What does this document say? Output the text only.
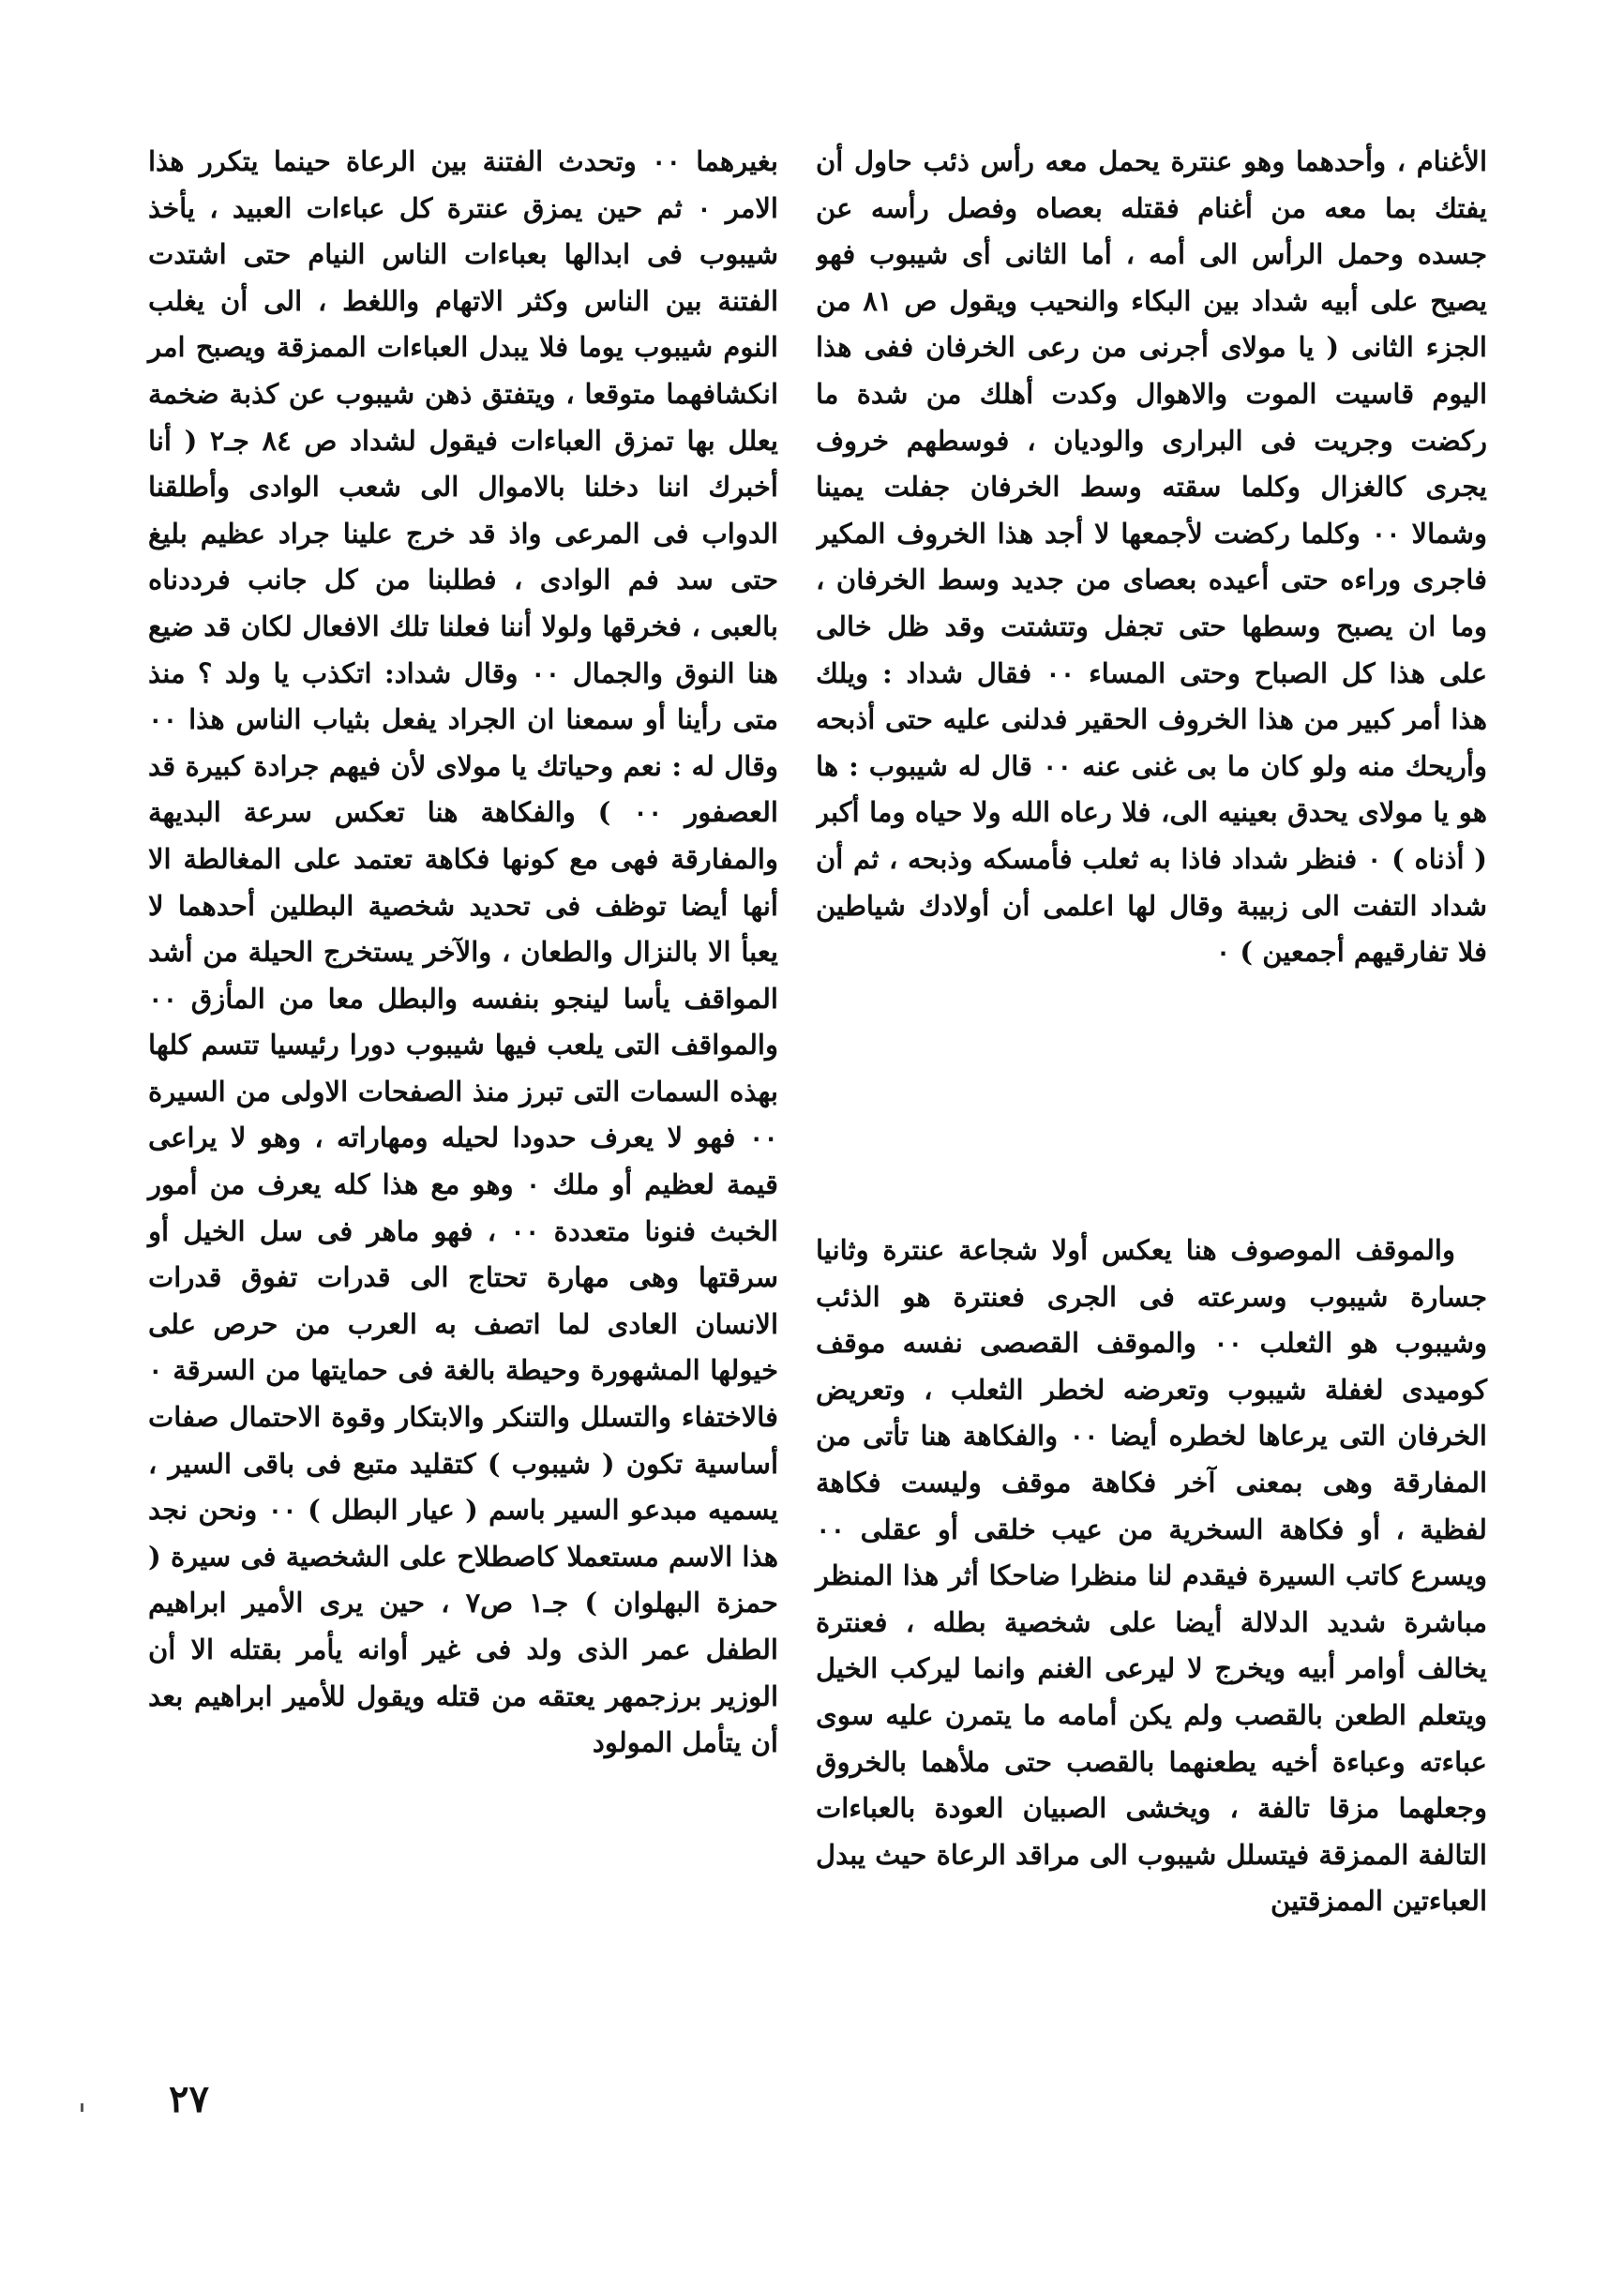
الأغنام ، وأحدهما وهو عنترة يحمل معه رأس ذئب حاول أن يفتك بما معه من أغنام فقتله بعصاه وفصل رأسه عن جسده وحمل الرأس الى أمه ، أما الثانى أى شيبوب فهو يصيح على أبيه شداد بين البكاء والنحيب ويقول ص ٨١ من الجزء الثانى ( يا مولاى أجرنى من رعى الخرفان ففى هذا اليوم قاسيت الموت والاهوال وكدت أهلك من شدة ما ركضت وجريت فى البرارى والوديان ، فوسطهم خروف يجرى كالغزال وكلما سقته وسط الخرفان جفلت يمينا وشمالا ٠٠ وكلما ركضت لأجمعها لا أجد هذا الخروف المكير فاجرى وراءه حتى أعيده بعصاى من جديد وسط الخرفان ، وما ان يصبح وسطها حتى تجفل وتتشتت وقد ظل خالى على هذا كل الصباح وحتى المساء ٠٠ فقال شداد : ويلك هذا أمر كبير من هذا الخروف الحقير فدلنى عليه حتى أذبحه وأريحك منه ولو كان ما بى غنى عنه ٠٠ قال له شيبوب : ها هو يا مولاى يحدق بعينيه الى، فلا رعاه الله ولا حياه وما أكبر ( أذناه ) ٠ فنظر شداد فاذا به ثعلب فأمسكه وذبحه ، ثم أن شداد التفت الى زبيبة وقال لها اعلمى أن أولادك شياطين فلا تفارقيهم أجمعين ) ٠

والموقف الموصوف هنا يعكس أولا شجاعة عنترة وثانيا جسارة شيبوب وسرعته فى الجرى فعنترة هو الذئب وشيبوب هو الثعلب ٠٠ والموقف القصصى نفسه موقف كوميدى لغفلة شيبوب وتعرضه لخطر الثعلب ، وتعريض الخرفان التى يرعاها لخطره أيضا ٠٠ والفكاهة هنا تأتى من المفارقة وهى بمعنى آخر فكاهة موقف وليست فكاهة لفظية ، أو فكاهة السخرية من عيب خلقى أو عقلى ٠٠ ويسرع كاتب السيرة فيقدم لنا منظرا ضاحكا أثر هذا المنظر مباشرة شديد الدلالة أيضا على شخصية بطله ، فعنترة يخالف أوامر أبيه ويخرج لا ليرعى الغنم وانما ليركب الخيل ويتعلم الطعن بالقصب ولم يكن أمامه ما يتمرن عليه سوى عباءته وعباءة أخيه يطعنهما بالقصب حتى ملأهما بالخروق وجعلهما مزقا تالفة ، ويخشى الصبيان العودة بالعباءات التالفة الممزقة فيتسلل شيبوب الى مراقد الرعاة حيث يبدل العباءتين الممزقتين

بغيرهما ٠٠ وتحدث الفتنة بين الرعاة حينما يتكرر هذا الامر ٠ ثم حين يمزق عنترة كل عباءات العبيد ، يأخذ شيبوب فى ابدالها بعباءات الناس النيام حتى اشتدت الفتنة بين الناس وكثر الاتهام واللغط ، الى أن يغلب النوم شيبوب يوما فلا يبدل العباءات الممزقة ويصبح امر انكشافهما متوقعا ، ويتفتق ذهن شيبوب عن كذبة ضخمة يعلل بها تمزق العباءات فيقول لشداد ص ٨٤ جـ٢ ( أنا أخبرك اننا دخلنا بالاموال الى شعب الوادى وأطلقنا الدواب فى المرعى واذ قد خرج علينا جراد عظيم بليغ حتى سد فم الوادى ، فطلبنا من كل جانب فرددناه بالعبى ، فخرقها ولولا أننا فعلنا تلك الافعال لكان قد ضيع هنا النوق والجمال ٠٠ وقال شداد: اتكذب يا ولد ؟ منذ متى رأينا أو سمعنا ان الجراد يفعل بثياب الناس هذا ٠٠ وقال له : نعم وحياتك يا مولاى لأن فيهم جرادة كبيرة قد العصفور ٠٠ ) والفكاهة هنا تعكس سرعة البديهة والمفارقة فهى مع كونها فكاهة تعتمد على المغالطة الا أنها أيضا توظف فى تحديد شخصية البطلين أحدهما لا يعبأ الا بالنزال والطعان ، والآخر يستخرج الحيلة من أشد المواقف يأسا لينجو بنفسه والبطل معا من المأزق ٠٠ والمواقف التى يلعب فيها شيبوب دورا رئيسيا تتسم كلها بهذه السمات التى تبرز منذ الصفحات الاولى من السيرة ٠٠ فهو لا يعرف حدودا لحيله ومهاراته ، وهو لا يراعى قيمة لعظيم أو ملك ٠ وهو مع هذا كله يعرف من أمور الخبث فنونا متعددة ٠٠ ، فهو ماهر فى سل الخيل أو سرقتها وهى مهارة تحتاج الى قدرات تفوق قدرات الانسان العادى لما اتصف به العرب من حرص على خيولها المشهورة وحيطة بالغة فى حمايتها من السرقة ٠ فالاختفاء والتسلل والتنكر والابتكار وقوة الاحتمال صفات أساسية تكون ( شيبوب ) كتقليد متبع فى باقى السير ، يسميه مبدعو السير باسم ( عيار البطل ) ٠٠ ونحن نجد هذا الاسم مستعملا كاصطلاح على الشخصية فى سيرة ( حمزة البهلوان ) جـ١ ص٧ ، حين يرى الأمير ابراهيم الطفل عمر الذى ولد فى غير أوانه يأمر بقتله الا أن الوزير برزجمهر يعتقه من قتله ويقول للأمير ابراهيم بعد أن يتأمل المولود

٢٧
